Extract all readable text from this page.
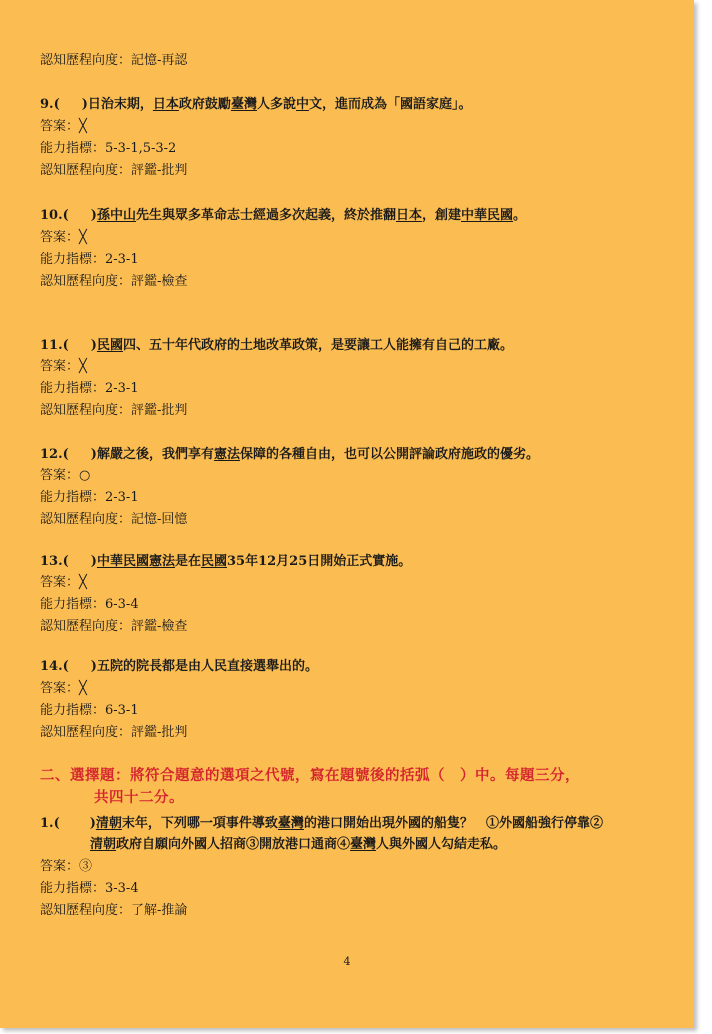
認知歷程向度：記憶-再認
9.( )日治末期，日本政府鼓勵臺灣人多說中文，進而成為「國語家庭」。
答案：╳
能力指標：5-3-1,5-3-2
認知歷程向度：評鑑-批判
10.( )孫中山先生與眾多革命志士經過多次起義，終於推翻日本，創建中華民國。
答案：╳
能力指標：2-3-1
認知歷程向度：評鑑-檢查
11.( )民國四、五十年代政府的土地改革政策，是要讓工人能擁有自己的工廠。
答案：╳
能力指標：2-3-1
認知歷程向度：評鑑-批判
12.( )解嚴之後，我們享有憲法保障的各種自由，也可以公開評論政府施政的優劣。
答案：○
能力指標：2-3-1
認知歷程向度：記憶-回憶
13.( )中華民國憲法是在民國35年12月25日開始正式實施。
答案：╳
能力指標：6-3-4
認知歷程向度：評鑑-檢查
14.( )五院的院長都是由人民直接選舉出的。
答案：╳
能力指標：6-3-1
認知歷程向度：評鑑-批判
二、選擇題：將符合題意的選項之代號，寫在題號後的括弧（　）中。每題三分，
共四十二分。
1.( )清朝末年，下列哪一項事件導致臺灣的港口開始出現外國的船隻？　①外國船強行停靠②
清朝政府自願向外國人招商③開放港口通商④臺灣人與外國人勾結走私。
答案：③
能力指標：3-3-4
認知歷程向度：了解-推論
4
